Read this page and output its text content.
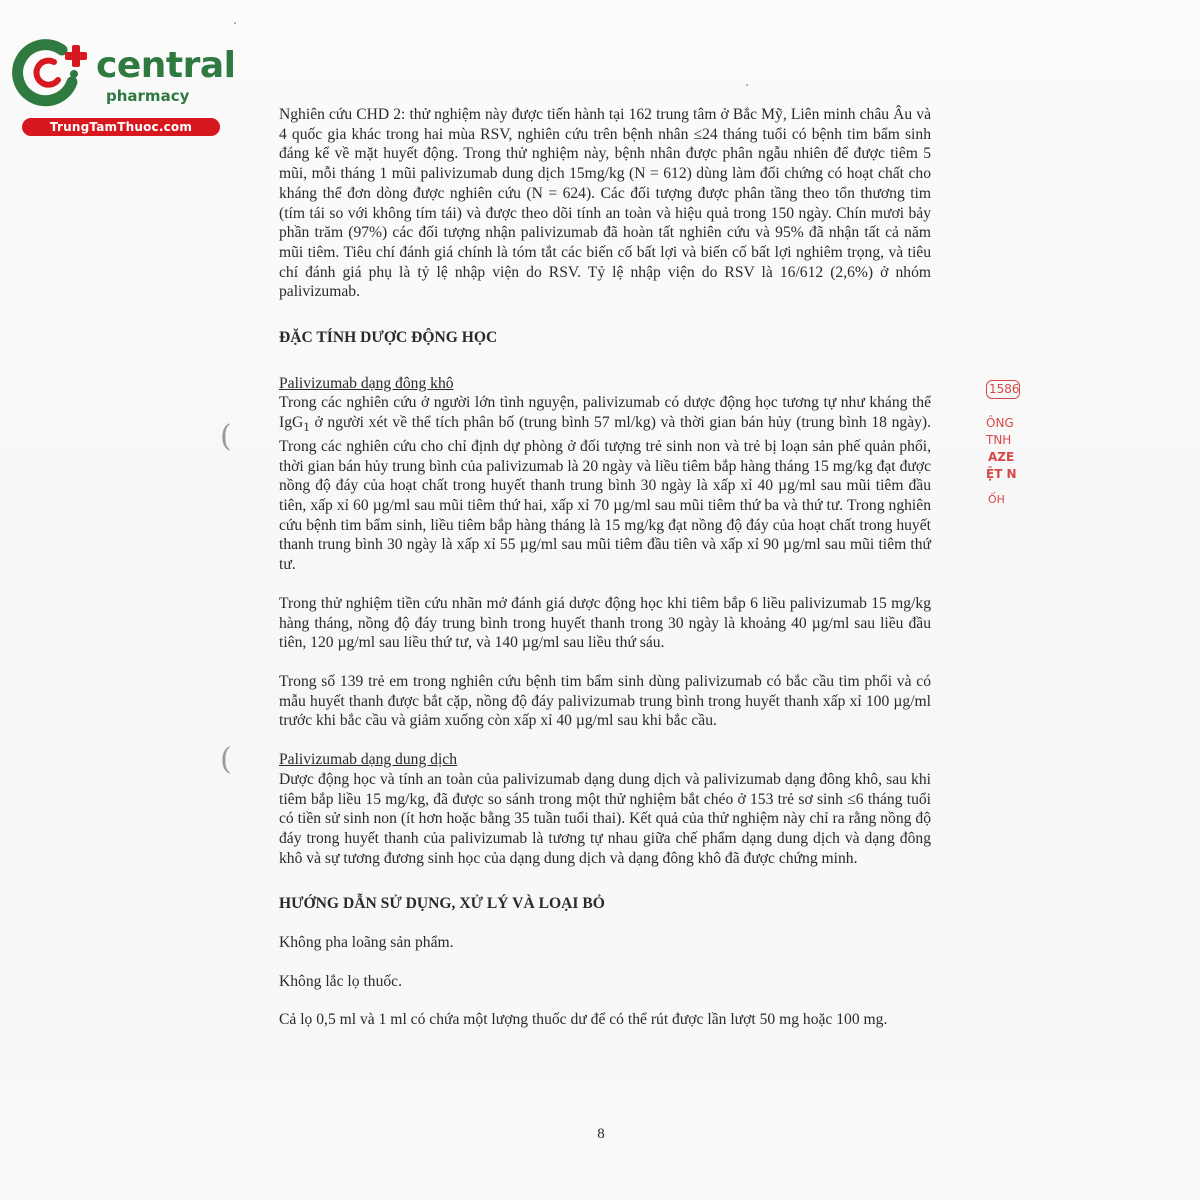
central
pharmacy
TrungTamThuoc.com

Nghiên cứu CHD 2: thử nghiệm này được tiến hành tại 162 trung tâm ở Bắc Mỹ, Liên minh châu Âu và 4 quốc gia khác trong hai mùa RSV, nghiên cứu trên bệnh nhân ≤24 tháng tuổi có bệnh tim bẩm sinh đáng kể về mặt huyết động. Trong thử nghiệm này, bệnh nhân được phân ngẫu nhiên để được tiêm 5 mũi, mỗi tháng 1 mũi palivizumab dung dịch 15mg/kg (N = 612) dùng làm đối chứng có hoạt chất cho kháng thể đơn dòng được nghiên cứu (N = 624). Các đối tượng được phân tầng theo tổn thương tim (tím tái so với không tím tái) và được theo dõi tính an toàn và hiệu quả trong 150 ngày. Chín mươi bảy phần trăm (97%) các đối tượng nhận palivizumab đã hoàn tất nghiên cứu và 95% đã nhận tất cả năm mũi tiêm. Tiêu chí đánh giá chính là tóm tắt các biến cố bất lợi và biến cố bất lợi nghiêm trọng, và tiêu chí đánh giá phụ là tỷ lệ nhập viện do RSV. Tỷ lệ nhập viện do RSV là 16/612 (2,6%) ở nhóm palivizumab.

ĐẶC TÍNH DƯỢC ĐỘNG HỌC

Palivizumab dạng đông khô

Trong các nghiên cứu ở người lớn tình nguyện, palivizumab có dược động học tương tự như kháng thể IgG$_1$ ở người xét về thể tích phân bố (trung bình 57 ml/kg) và thời gian bán hủy (trung bình 18 ngày). Trong các nghiên cứu cho chỉ định dự phòng ở đối tượng trẻ sinh non và trẻ bị loạn sản phế quản phổi, thời gian bán hủy trung bình của palivizumab là 20 ngày và liều tiêm bắp hàng tháng 15 mg/kg đạt được nồng độ đáy của hoạt chất trong huyết thanh trung bình 30 ngày là xấp xỉ 40 µg/ml sau mũi tiêm đầu tiên, xấp xỉ 60 µg/ml sau mũi tiêm thứ hai, xấp xỉ 70 µg/ml sau mũi tiêm thứ ba và thứ tư. Trong nghiên cứu bệnh tim bẩm sinh, liều tiêm bắp hàng tháng là 15 mg/kg đạt nồng độ đáy của hoạt chất trong huyết thanh trung bình 30 ngày là xấp xỉ 55 µg/ml sau mũi tiêm đầu tiên và xấp xỉ 90 µg/ml sau mũi tiêm thứ tư.

Trong thử nghiệm tiền cứu nhãn mở đánh giá dược động học khi tiêm bắp 6 liều palivizumab 15 mg/kg hàng tháng, nồng độ đáy trung bình trong huyết thanh trong 30 ngày là khoảng 40 µg/ml sau liều đầu tiên, 120 µg/ml sau liều thứ tư, và 140 µg/ml sau liều thứ sáu.

Trong số 139 trẻ em trong nghiên cứu bệnh tim bẩm sinh dùng palivizumab có bắc cầu tim phổi và có mẫu huyết thanh được bắt cặp, nồng độ đáy palivizumab trung bình trong huyết thanh xấp xỉ 100 µg/ml trước khi bắc cầu và giảm xuống còn xấp xỉ 40 µg/ml sau khi bắc cầu.

Palivizumab dạng dung dịch

Dược động học và tính an toàn của palivizumab dạng dung dịch và palivizumab dạng đông khô, sau khi tiêm bắp liều 15 mg/kg, đã được so sánh trong một thử nghiệm bắt chéo ở 153 trẻ sơ sinh ≤6 tháng tuổi có tiền sử sinh non (ít hơn hoặc bằng 35 tuần tuổi thai). Kết quả của thử nghiệm này chỉ ra rằng nồng độ đáy trong huyết thanh của palivizumab là tương tự nhau giữa chế phẩm dạng dung dịch và dạng đông khô và sự tương đương sinh học của dạng dung dịch và dạng đông khô đã được chứng minh.

HƯỚNG DẪN SỬ DỤNG, XỬ LÝ VÀ LOẠI BỎ

Không pha loãng sản phẩm.

Không lắc lọ thuốc.

Cả lọ 0,5 ml và 1 ml có chứa một lượng thuốc dư để có thể rút được lần lượt 50 mg hoặc 100 mg.

(
(
1586
ÔNG
TNH
AZE
ỆT N
ỐH
8
